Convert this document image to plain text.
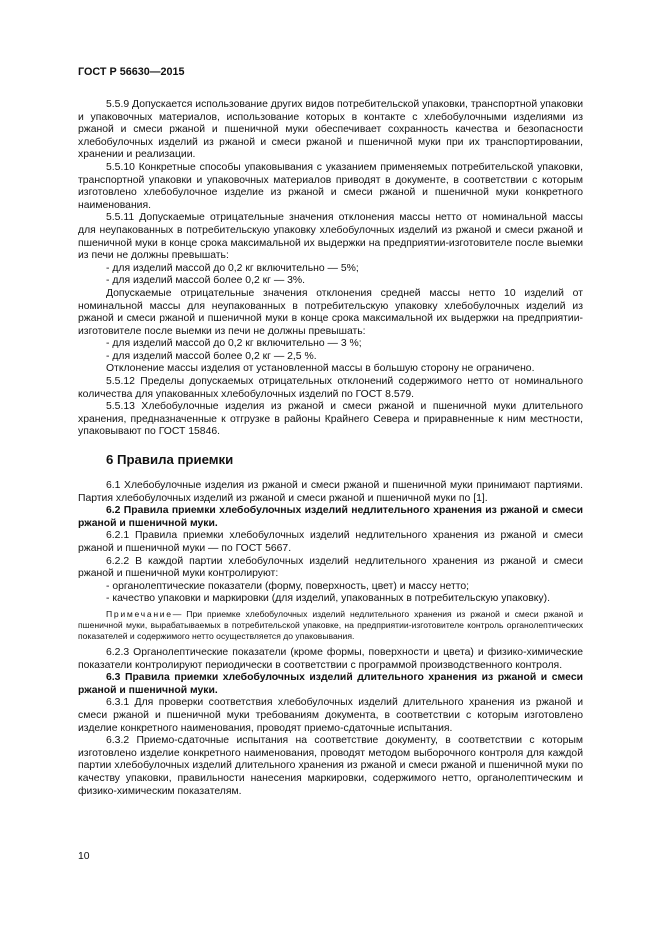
ГОСТ Р 56630—2015

5.5.9 Допускается использование других видов потребительской упаковки, транспортной упаковки и упаковочных материалов, использование которых в контакте с хлебобулочными изделиями из ржаной и смеси ржаной и пшеничной муки обеспечивает сохранность качества и безопасности хлебобулочных изделий из ржаной и смеси ржаной и пшеничной муки при их транспортировании, хранении и реализации.

5.5.10 Конкретные способы упаковывания с указанием применяемых потребительской упаковки, транспортной упаковки и упаковочных материалов приводят в документе, в соответствии с которым изготовлено хлебобулочное изделие из ржаной и смеси ржаной и пшеничной муки конкретного наименования.

5.5.11 Допускаемые отрицательные значения отклонения массы нетто от номинальной массы для неупакованных в потребительскую упаковку хлебобулочных изделий из ржаной и смеси ржаной и пшеничной муки в конце срока максимальной их выдержки на предприятии-изготовителе после выемки из печи не должны превышать:

- для изделий массой до 0,2 кг включительно — 5%;

- для изделий массой более 0,2 кг — 3%.

Допускаемые отрицательные значения отклонения средней массы нетто 10 изделий от номинальной массы для неупакованных в потребительскую упаковку хлебобулочных изделий из ржаной и смеси ржаной и пшеничной муки в конце срока максимальной их выдержки на предприятии-изготовителе после выемки из печи не должны превышать:

- для изделий массой до 0,2 кг включительно — 3 %;

- для изделий массой более 0,2 кг — 2,5 %.

Отклонение массы изделия от установленной массы в большую сторону не ограничено.

5.5.12 Пределы допускаемых отрицательных отклонений содержимого нетто от номинального количества для упакованных хлебобулочных изделий по ГОСТ 8.579.

5.5.13 Хлебобулочные изделия из ржаной и смеси ржаной и пшеничной муки длительного хранения, предназначенные к отгрузке в районы Крайнего Севера и приравненные к ним местности, упаковывают по ГОСТ 15846.

6 Правила приемки

6.1 Хлебобулочные изделия из ржаной и смеси ржаной и пшеничной муки принимают партиями. Партия хлебобулочных изделий из ржаной и смеси ржаной и пшеничной муки по [1].

6.2 Правила приемки хлебобулочных изделий недлительного хранения из ржаной и смеси ржаной и пшеничной муки.

6.2.1 Правила приемки хлебобулочных изделий недлительного хранения из ржаной и смеси ржаной и пшеничной муки — по ГОСТ 5667.

6.2.2 В каждой партии хлебобулочных изделий недлительного хранения из ржаной и смеси ржаной и пшеничной муки контролируют:

- органолептические показатели (форму, поверхность, цвет) и массу нетто;

- качество упаковки и маркировки (для изделий, упакованных в потребительскую упаковку).

Примечание— При приемке хлебобулочных изделий недлительного хранения из ржаной и смеси ржаной и пшеничной муки, вырабатываемых в потребительской упаковке, на предприятии-изготовителе контроль органолептических показателей и содержимого нетто осуществляется до упаковывания.

6.2.3 Органолептические показатели (кроме формы, поверхности и цвета) и физико-химические показатели контролируют периодически в соответствии с программой производственного контроля.

6.3 Правила приемки хлебобулочных изделий длительного хранения из ржаной и смеси ржаной и пшеничной муки.

6.3.1 Для проверки соответствия хлебобулочных изделий длительного хранения из ржаной и смеси ржаной и пшеничной муки требованиям документа, в соответствии с которым изготовлено изделие конкретного наименования, проводят приемо-сдаточные испытания.

6.3.2 Приемо-сдаточные испытания на соответствие документу, в соответствии с которым изготовлено изделие конкретного наименования, проводят методом выборочного контроля для каждой партии хлебобулочных изделий длительного хранения из ржаной и смеси ржаной и пшеничной муки по качеству упаковки, правильности нанесения маркировки, содержимого нетто, органолептическим и физико-химическим показателям.

10
